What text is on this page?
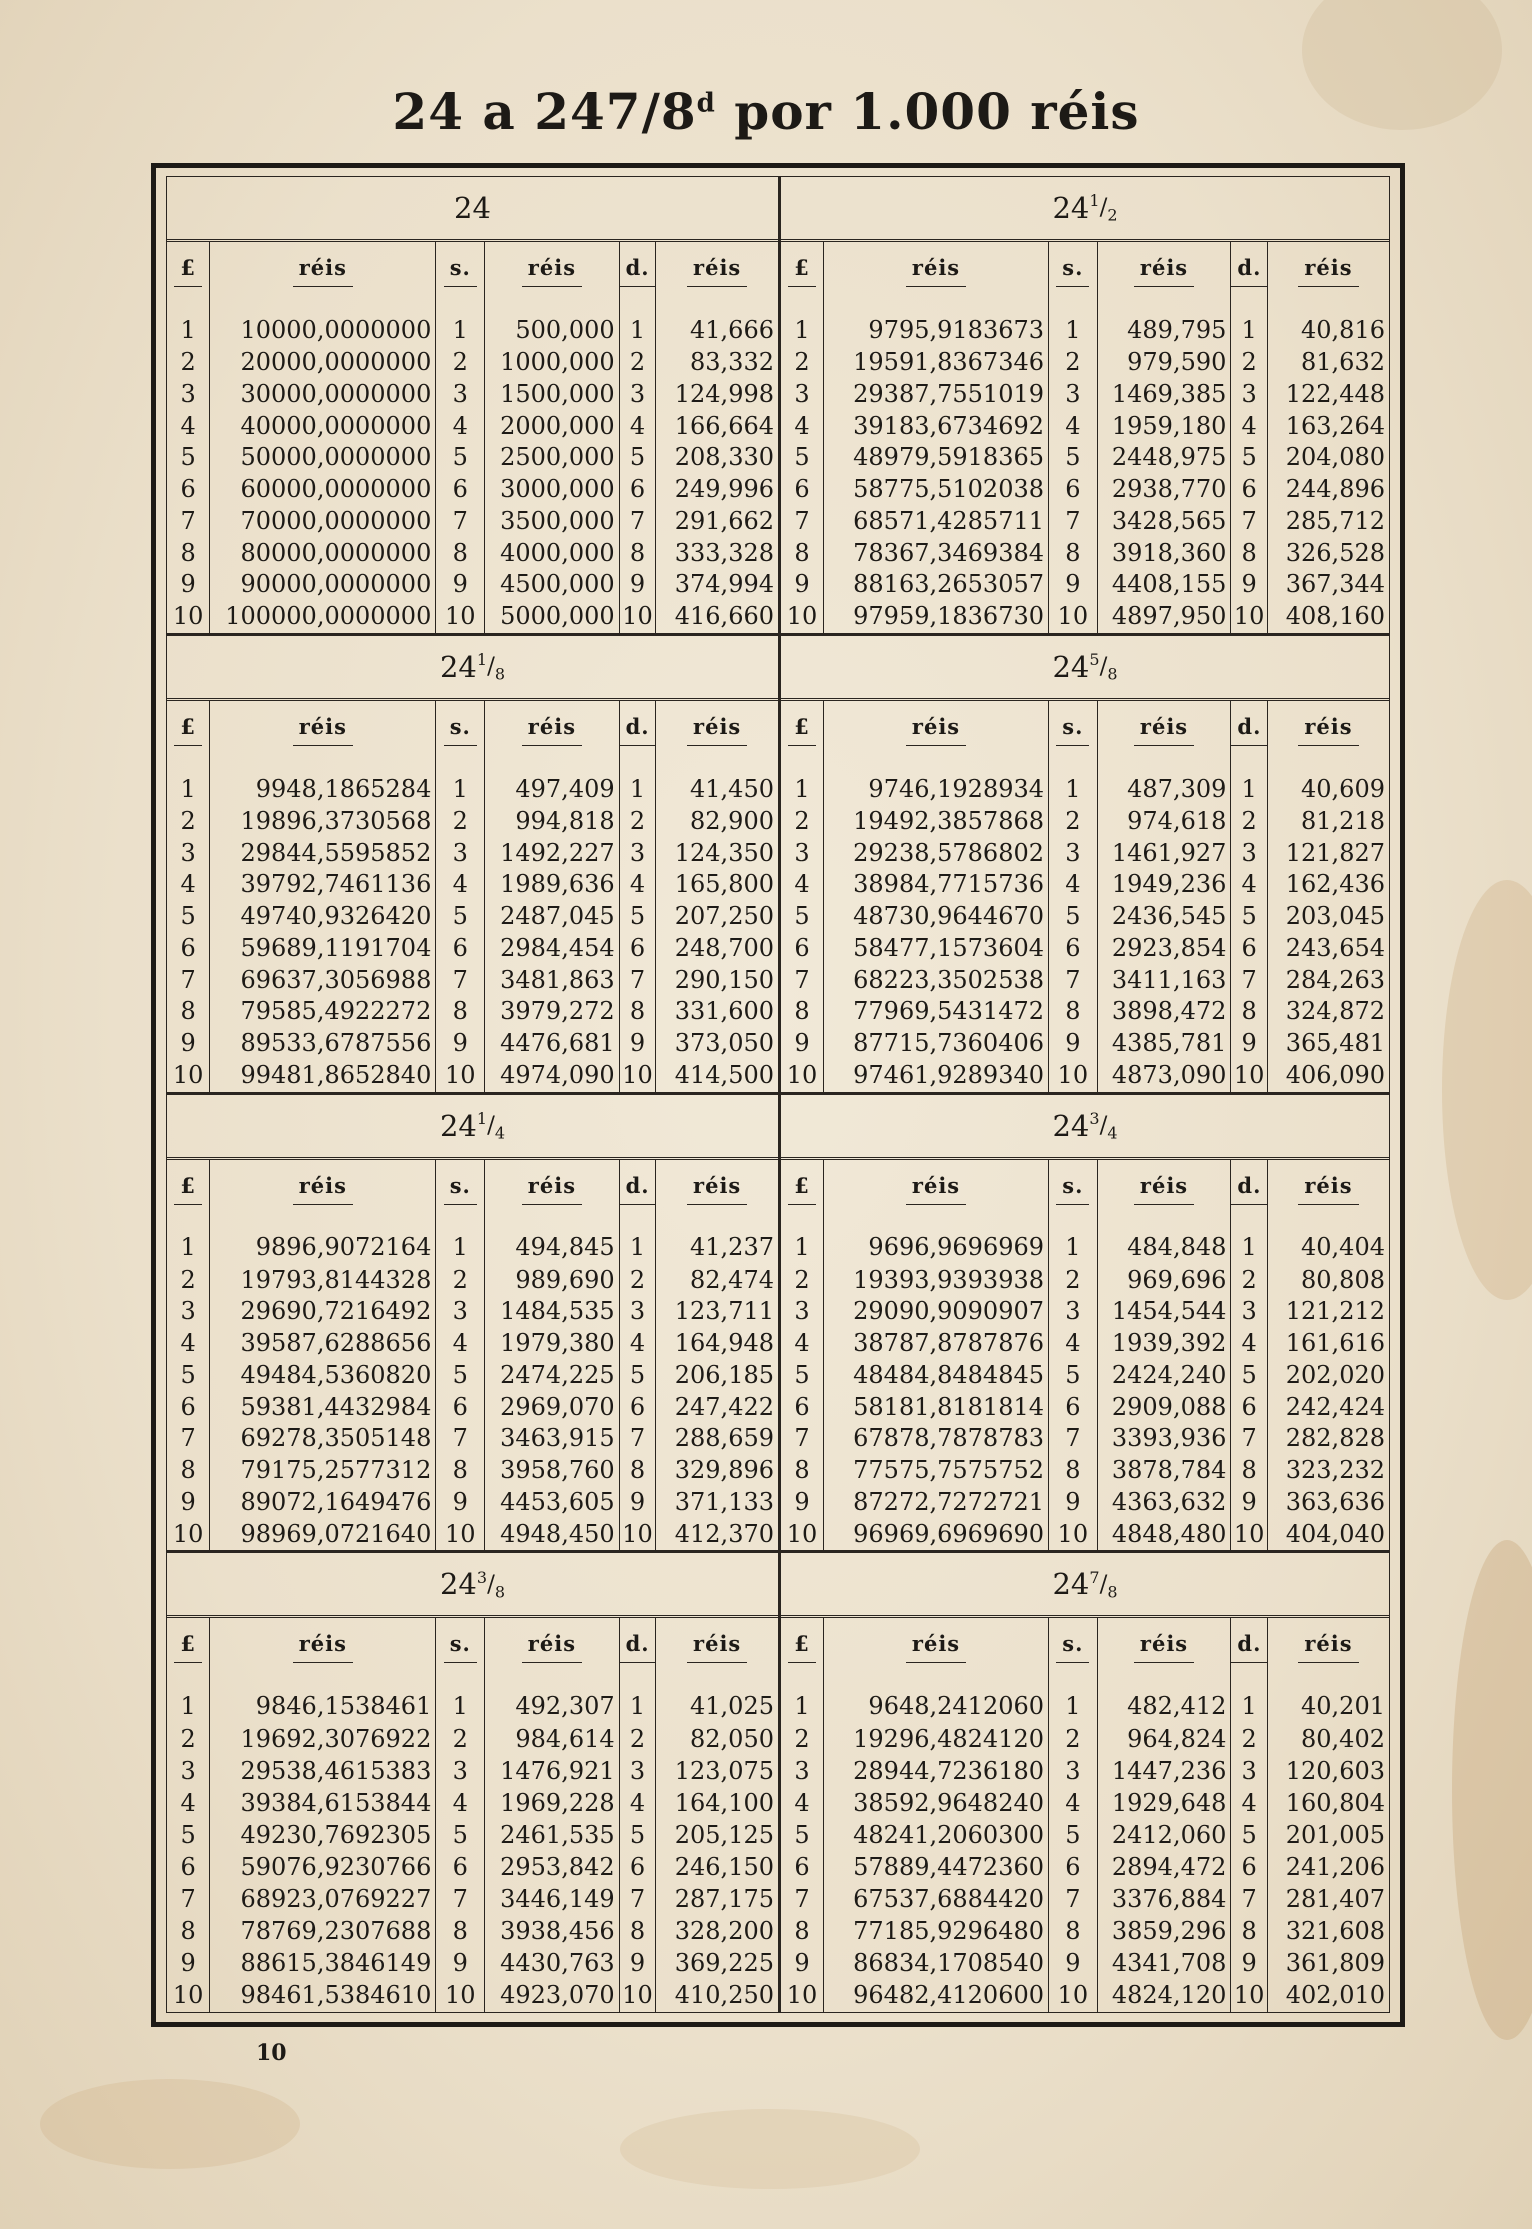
24 a 247/8$^d$ por 1.000 réis
24
£	réis	s.	réis	d.	réis
1	10000,0000000	1	500,000	1	41,666
2	20000,0000000	2	1000,000	2	83,332
3	30000,0000000	3	1500,000	3	124,998
4	40000,0000000	4	2000,000	4	166,664
5	50000,0000000	5	2500,000	5	208,330
6	60000,0000000	6	3000,000	6	249,996
7	70000,0000000	7	3500,000	7	291,662
8	80000,0000000	8	4000,000	8	333,328
9	90000,0000000	9	4500,000	9	374,994
10	100000,0000000	10	5000,000	10	416,660
24 $^1/_2$
£	réis	s.	réis	d.	réis
1	9795,9183673	1	489,795	1	40,816
2	19591,8367346	2	979,590	2	81,632
3	29387,7551019	3	1469,385	3	122,448
4	39183,6734692	4	1959,180	4	163,264
5	48979,5918365	5	2448,975	5	204,080
6	58775,5102038	6	2938,770	6	244,896
7	68571,4285711	7	3428,565	7	285,712
8	78367,3469384	8	3918,360	8	326,528
9	88163,2653057	9	4408,155	9	367,344
10	97959,1836730	10	4897,950	10	408,160
24 $^1/_8$
£	réis	s.	réis	d.	réis
1	9948,1865284	1	497,409	1	41,450
2	19896,3730568	2	994,818	2	82,900
3	29844,5595852	3	1492,227	3	124,350
4	39792,7461136	4	1989,636	4	165,800
5	49740,9326420	5	2487,045	5	207,250
6	59689,1191704	6	2984,454	6	248,700
7	69637,3056988	7	3481,863	7	290,150
8	79585,4922272	8	3979,272	8	331,600
9	89533,6787556	9	4476,681	9	373,050
10	99481,8652840	10	4974,090	10	414,500
24 $^5/_8$
£	réis	s.	réis	d.	réis
1	9746,1928934	1	487,309	1	40,609
2	19492,3857868	2	974,618	2	81,218
3	29238,5786802	3	1461,927	3	121,827
4	38984,7715736	4	1949,236	4	162,436
5	48730,9644670	5	2436,545	5	203,045
6	58477,1573604	6	2923,854	6	243,654
7	68223,3502538	7	3411,163	7	284,263
8	77969,5431472	8	3898,472	8	324,872
9	87715,7360406	9	4385,781	9	365,481
10	97461,9289340	10	4873,090	10	406,090
24 $^1/_4$
£	réis	s.	réis	d.	réis
1	9896,9072164	1	494,845	1	41,237
2	19793,8144328	2	989,690	2	82,474
3	29690,7216492	3	1484,535	3	123,711
4	39587,6288656	4	1979,380	4	164,948
5	49484,5360820	5	2474,225	5	206,185
6	59381,4432984	6	2969,070	6	247,422
7	69278,3505148	7	3463,915	7	288,659
8	79175,2577312	8	3958,760	8	329,896
9	89072,1649476	9	4453,605	9	371,133
10	98969,0721640	10	4948,450	10	412,370
24 $^3/_4$
£	réis	s.	réis	d.	réis
1	9696,9696969	1	484,848	1	40,404
2	19393,9393938	2	969,696	2	80,808
3	29090,9090907	3	1454,544	3	121,212
4	38787,8787876	4	1939,392	4	161,616
5	48484,8484845	5	2424,240	5	202,020
6	58181,8181814	6	2909,088	6	242,424
7	67878,7878783	7	3393,936	7	282,828
8	77575,7575752	8	3878,784	8	323,232
9	87272,7272721	9	4363,632	9	363,636
10	96969,6969690	10	4848,480	10	404,040
24 $^3/_8$
£	réis	s.	réis	d.	réis
1	9846,1538461	1	492,307	1	41,025
2	19692,3076922	2	984,614	2	82,050
3	29538,4615383	3	1476,921	3	123,075
4	39384,6153844	4	1969,228	4	164,100
5	49230,7692305	5	2461,535	5	205,125
6	59076,9230766	6	2953,842	6	246,150
7	68923,0769227	7	3446,149	7	287,175
8	78769,2307688	8	3938,456	8	328,200
9	88615,3846149	9	4430,763	9	369,225
10	98461,5384610	10	4923,070	10	410,250
24 $^7/_8$
£	réis	s.	réis	d.	réis
1	9648,2412060	1	482,412	1	40,201
2	19296,4824120	2	964,824	2	80,402
3	28944,7236180	3	1447,236	3	120,603
4	38592,9648240	4	1929,648	4	160,804
5	48241,2060300	5	2412,060	5	201,005
6	57889,4472360	6	2894,472	6	241,206
7	67537,6884420	7	3376,884	7	281,407
8	77185,9296480	8	3859,296	8	321,608
9	86834,1708540	9	4341,708	9	361,809
10	96482,4120600	10	4824,120	10	402,010
10
